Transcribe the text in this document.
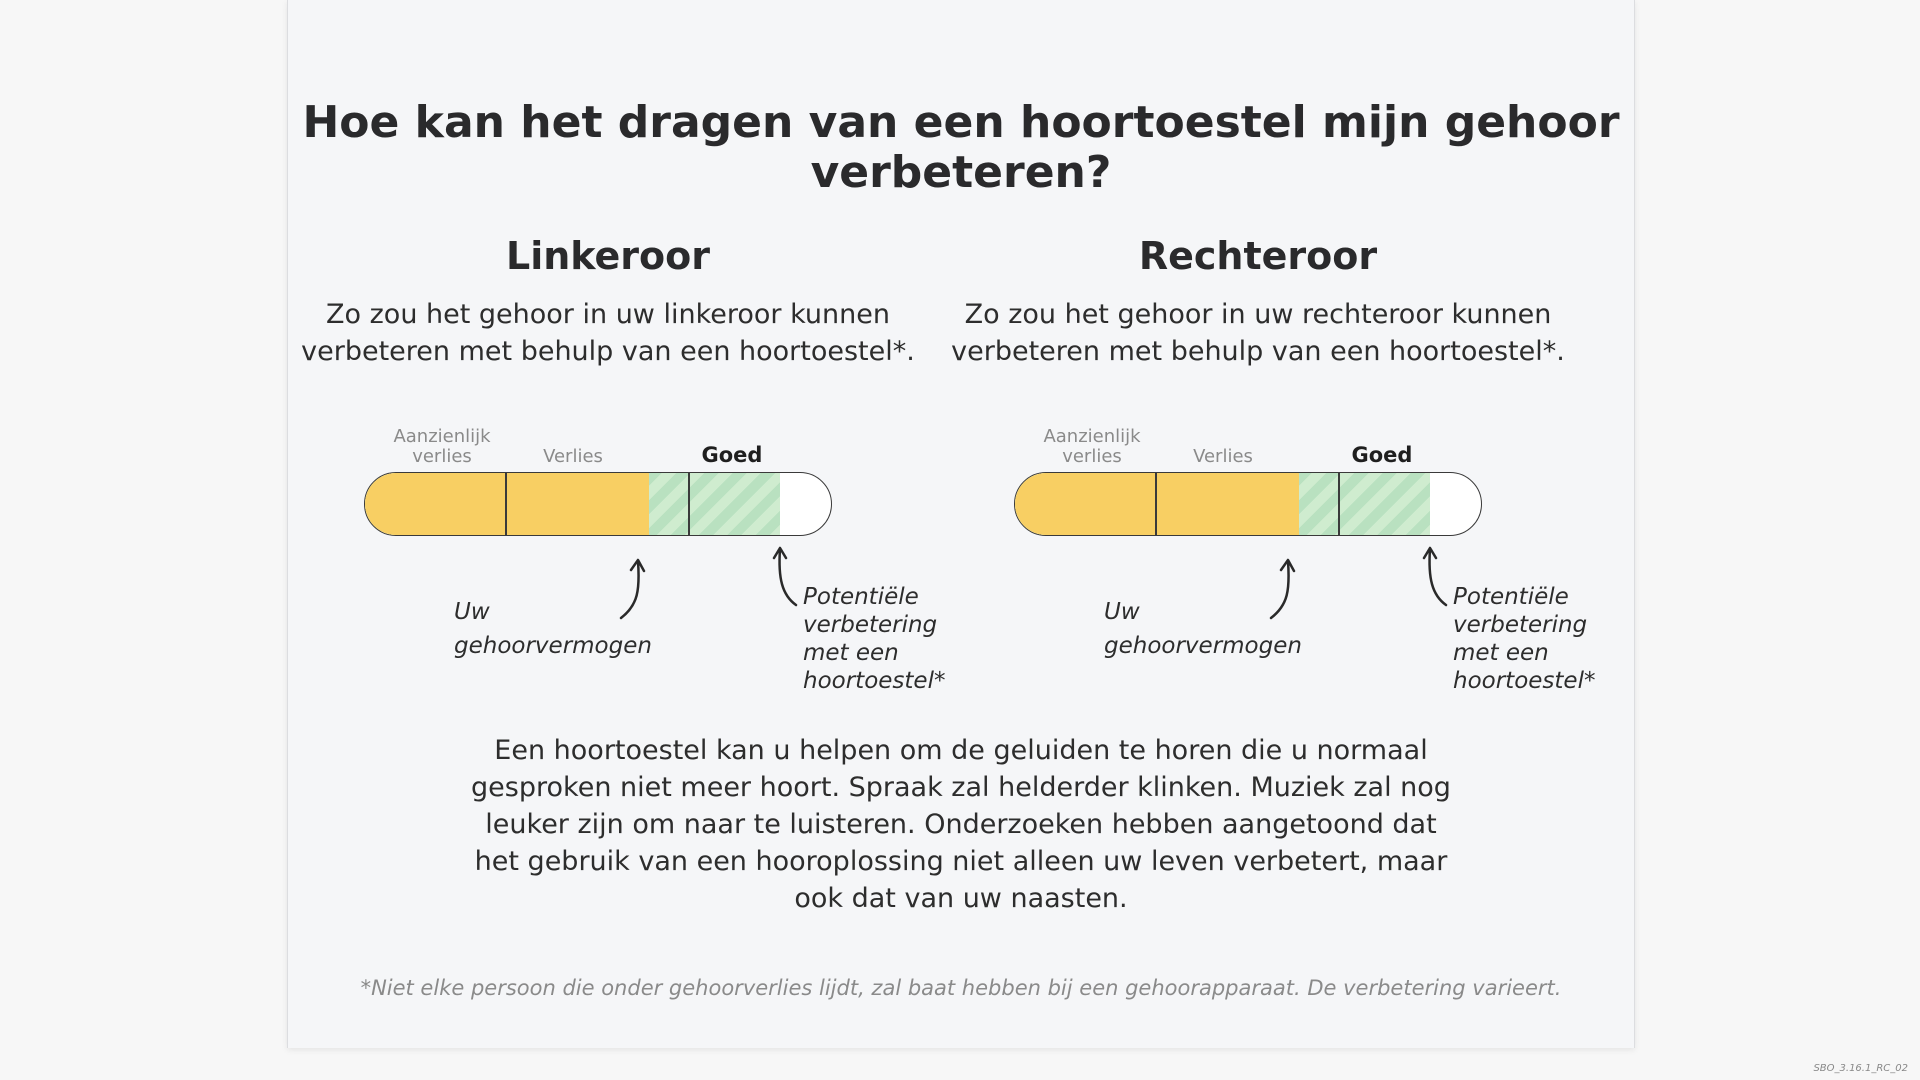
Hoe kan het dragen van een hoortoestel mijn gehoor verbeteren?
Linkeroor

Zo zou het gehoor in uw linkeroor kunnen verbeteren met behulp van een hoortoestel*.

Rechteroor

Zo zou het gehoor in uw rechteroor kunnen verbeteren met behulp van een hoortoestel*.

Aanzienlijk verlies	Verlies	Goed
Uw gehoorvermogen
Potentiële verbetering met een hoortoestel*
Aanzienlijk verlies	Verlies	Goed
Uw gehoorvermogen
Potentiële verbetering met een hoortoestel*

Een hoortoestel kan u helpen om de geluiden te horen die u normaal gesproken niet meer hoort. Spraak zal helderder klinken. Muziek zal nog leuker zijn om naar te luisteren. Onderzoeken hebben aangetoond dat het gebruik van een hooroplossing niet alleen uw leven verbetert, maar ook dat van uw naasten.

*Niet elke persoon die onder gehoorverlies lijdt, zal baat hebben bij een gehoorapparaat. De verbetering varieert.
SBO_3.16.1_RC_02
